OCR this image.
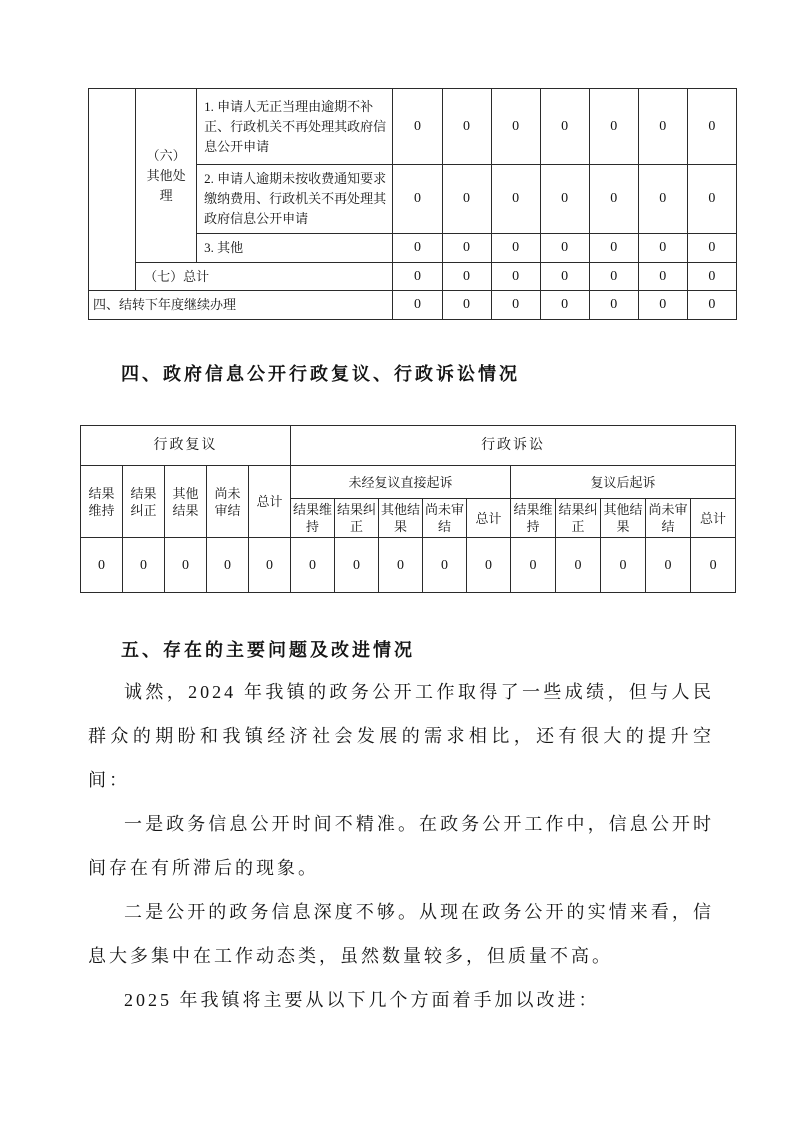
	（六）其他处理	1. 申请人无正当理由逾期不补正、行政机关不再处理其政府信息公开申请	0	0	0	0	0	0	0
		2. 申请人逾期未按收费通知要求缴纳费用、行政机关不再处理其政府信息公开申请	0	0	0	0	0	0	0
		3. 其他	0	0	0	0	0	0	0
	（七）总计		0	0	0	0	0	0	0
四、结转下年度继续办理			0	0	0	0	0	0	0
四、政府信息公开行政复议、行政诉讼情况
行政复议					行政诉讼									
结果维持	结果纠正	其他结果	尚未审结	总计	未经复议直接起诉					复议后起诉				
					结果维持	结果纠正	其他结果	尚未审结	总计	结果维持	结果纠正	其他结果	尚未审结	总计
0	0	0	0	0	0	0	0	0	0	0	0	0	0	0
五、存在的主要问题及改进情况

诚然，2024 年我镇的政务公开工作取得了一些成绩，但与人民群众的期盼和我镇经济社会发展的需求相比，还有很大的提升空间：

一是政务信息公开时间不精准。在政务公开工作中，信息公开时间存在有所滞后的现象。

二是公开的政务信息深度不够。从现在政务公开的实情来看，信息大多集中在工作动态类，虽然数量较多，但质量不高。

2025 年我镇将主要从以下几个方面着手加以改进：
